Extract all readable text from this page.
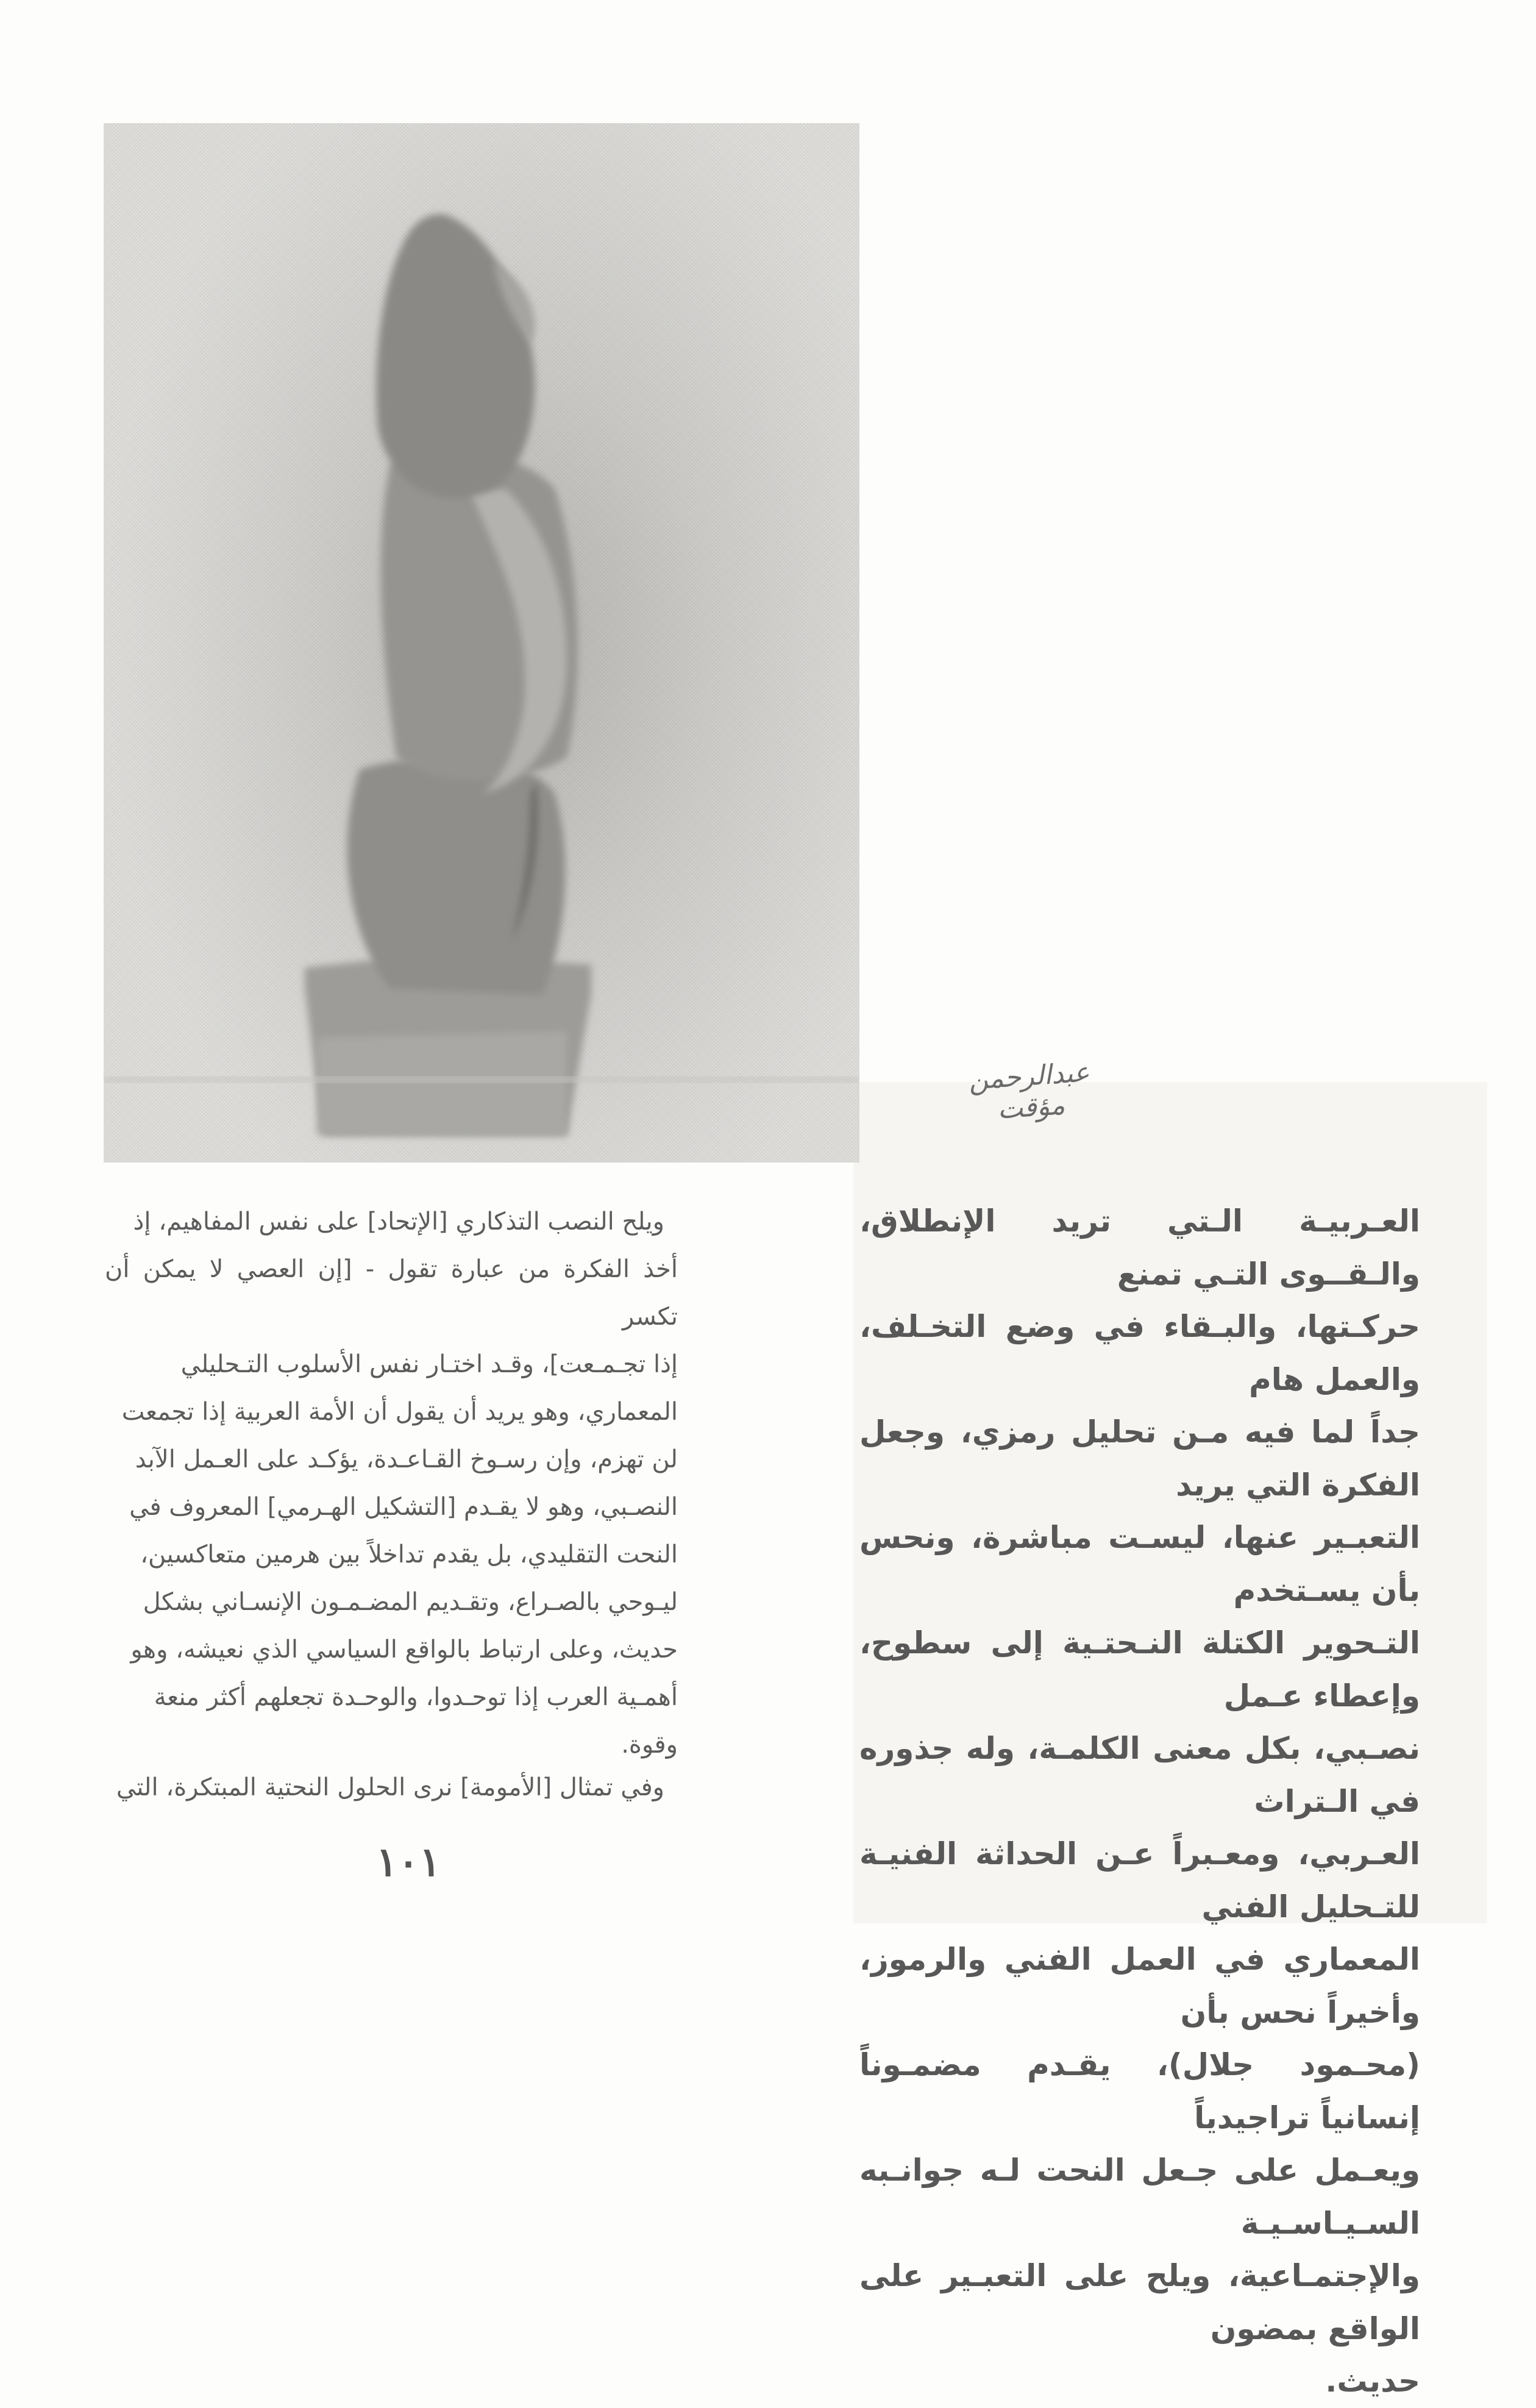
عبدالرحمن مؤقت

العـربيـة الـتي تريد الإنطلاق، والـقــوى التـي تمنع

حركـتها، والبـقاء في وضع التخـلف، والعمل هام

جداً لما فيه مـن تحليل رمزي، وجعل الفكرة التي يريد

التعبـير عنها، ليسـت مباشرة، ونحس بأن يسـتخدم

التـحوير الكتلة النـحتـية إلى سطوح، وإعطاء عـمل

نصـبي، بكل معنى الكلمـة، وله جذوره في الـتراث

العـربي، ومعـبراً عـن الحداثة الفنيـة للتـحليل الفني

المعماري في العمل الفني والرموز، وأخيراً نحس بأن

(محـمود جلال)، يقـدم مضمـوناً إنسانياً تراجيدياً

ويعـمل على جـعل النحت لـه جوانـبه السـيـاسـيـة

والإجتمـاعية، ويلح على التعبـير على الواقع بمضون

حديث.

ويلح النصب التذكاري [الإتحاد] على نفس المفاهيم، إذ

أخذ الفكرة من عبارة تقول - [إن العصي لا يمكن أن تكسر

إذا تجـمـعت]، وقـد اختـار نفس الأسلوب التـحليلي

المعماري، وهو يريد أن يقول أن الأمة العربية إذا تجمعت

لن تهزم، وإن رسـوخ القـاعـدة، يؤكـد على العـمل الآبد

النصـبي، وهو لا يقـدم [التشكيل الهـرمي] المعروف في

النحت التقليدي، بل يقدم تداخلاً بين هرمين متعاكسين،

ليـوحي بالصـراع، وتقـديم المضـمـون الإنسـاني بشكل

حديث، وعلى ارتباط بالواقع السياسي الذي نعيشه، وهو

أهمـية العرب إذا توحـدوا، والوحـدة تجعلهم أكثر منعة

وقوة.

وفي تمثال [الأمومة] نرى الحلول النحتية المبتكرة، التي

١٠١
